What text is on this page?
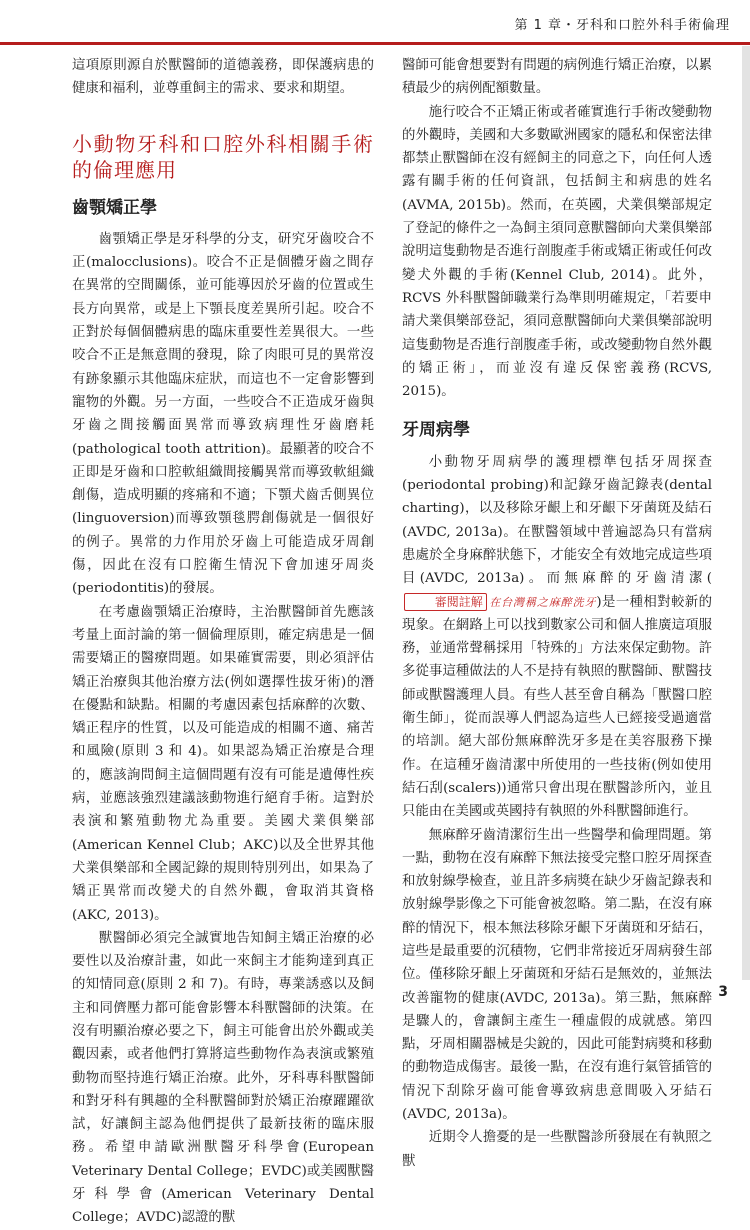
第 1 章・牙科和口腔外科手術倫理

這項原則源自於獸醫師的道德義務，即保護病患的健康和福利，並尊重飼主的需求、要求和期望。

小動物牙科和口腔外科相關手術的倫理應用
齒顎矯正學

齒顎矯正學是牙科學的分支，研究牙齒咬合不正(malocclusions)。咬合不正是個體牙齒之間存在異常的空間關係，並可能導因於牙齒的位置或生長方向異常，或是上下顎長度差異所引起。咬合不正對於每個個體病患的臨床重要性差異很大。一些咬合不正是無意間的發現，除了肉眼可見的異常沒有跡象顯示其他臨床症狀，而這也不一定會影響到寵物的外觀。另一方面，一些咬合不正造成牙齒與牙齒之間接觸面異常而導致病理性牙齒磨耗(pathological tooth attrition)。最顯著的咬合不正即是牙齒和口腔軟組織間接觸異常而導致軟組織創傷，造成明顯的疼痛和不適；下顎犬齒舌側異位(linguoversion)而導致顎毯腭創傷就是一個很好的例子。異常的力作用於牙齒上可能造成牙周創傷，因此在沒有口腔衛生情況下會加速牙周炎(periodontitis)的發展。

在考慮齒顎矯正治療時，主治獸醫師首先應該考量上面討論的第一個倫理原則，確定病患是一個需要矯正的醫療問題。如果確實需要，則必須評估矯正治療與其他治療方法(例如選擇性拔牙術)的潛在優點和缺點。相關的考慮因素包括麻醉的次數、矯正程序的性質，以及可能造成的相關不適、痛苦和風險(原則 3 和 4)。如果認為矯正治療是合理的，應該詢問飼主這個問題有沒有可能是遺傳性疾病，並應該強烈建議該動物進行絕育手術。這對於表演和繁殖動物尤為重要。美國犬業俱樂部(American Kennel Club；AKC)以及全世界其他犬業俱樂部和全國記錄的規則特別列出，如果為了矯正異常而改變犬的自然外觀，會取消其資格(AKC, 2013)。

獸醫師必須完全誠實地告知飼主矯正治療的必要性以及治療計畫，如此一來飼主才能夠達到真正的知情同意(原則 2 和 7)。有時，專業誘惑以及飼主和同儕壓力都可能會影響本科獸醫師的決策。在沒有明顯治療必要之下，飼主可能會出於外觀或美觀因素，或者他們打算將這些動物作為表演或繁殖動物而堅持進行矯正治療。此外，牙科專科獸醫師和對牙科有興趣的全科獸醫師對於矯正治療躍躍欲試，好讓飼主認為他們提供了最新技術的臨床服務。希望申請歐洲獸醫牙科學會(European Veterinary Dental College；EVDC)或美國獸醫牙科學會(American Veterinary Dental College；AVDC)認證的獸

醫師可能會想要對有問題的病例進行矯正治療，以累積最少的病例配額數量。

施行咬合不正矯正術或者確實進行手術改變動物的外觀時，美國和大多數歐洲國家的隱私和保密法律都禁止獸醫師在沒有經飼主的同意之下，向任何人透露有關手術的任何資訊，包括飼主和病患的姓名(AVMA, 2015b)。然而，在英國，犬業俱樂部規定了登記的條件之一為飼主須同意獸醫師向犬業俱樂部說明這隻動物是否進行剖腹產手術或矯正術或任何改變犬外觀的手術(Kennel Club, 2014)。此外，RCVS 外科獸醫師職業行為準則明確規定，「若要申請犬業俱樂部登記，須同意獸醫師向犬業俱樂部說明這隻動物是否進行剖腹產手術，或改變動物自然外觀的矯正術」，而並沒有違反保密義務(RCVS, 2015)。

牙周病學

小動物牙周病學的護理標準包括牙周探查(periodontal probing)和記錄牙齒記錄表(dental charting)，以及移除牙齦上和牙齦下牙菌斑及結石(AVDC, 2013a)。在獸醫領域中普遍認為只有當病患處於全身麻醉狀態下，才能安全有效地完成這些項目(AVDC, 2013a)。而無麻醉的牙齒清潔(審閱註解 在台灣稱之麻醉洗牙)是一種相對較新的現象。在網路上可以找到數家公司和個人推廣這項服務，並通常聲稱採用「特殊的」方法來保定動物。許多從事這種做法的人不是持有執照的獸醫師、獸醫技師或獸醫護理人員。有些人甚至會自稱為「獸醫口腔衛生師」，從而誤導人們認為這些人已經接受過適當的培訓。絕大部份無麻醉洗牙多是在美容服務下操作。在這種牙齒清潔中所使用的一些技術(例如使用結石刮(scalers))通常只會出現在獸醫診所內，並且只能由在美國或英國持有執照的外科獸醫師進行。

無麻醉牙齒清潔衍生出一些醫學和倫理問題。第一點，動物在沒有麻醉下無法接受完整口腔牙周探查和放射線學檢查，並且許多病獎在缺少牙齒記錄表和放射線學影像之下可能會被忽略。第二點，在沒有麻醉的情況下，根本無法移除牙齦下牙菌斑和牙結石，這些是最重要的沉積物，它們非常接近牙周病發生部位。僅移除牙齦上牙菌斑和牙結石是無效的，並無法改善寵物的健康(AVDC, 2013a)。第三點，無麻醉是驟人的，會讓飼主產生一種虛假的成就感。第四點，牙周相關器械是尖銳的，因此可能對病獎和移動的動物造成傷害。最後一點，在沒有進行氣管插管的情況下刮除牙齒可能會導致病患意間吸入牙結石(AVDC, 2013a)。

近期令人擔憂的是一些獸醫診所發展在有執照之獸

3
